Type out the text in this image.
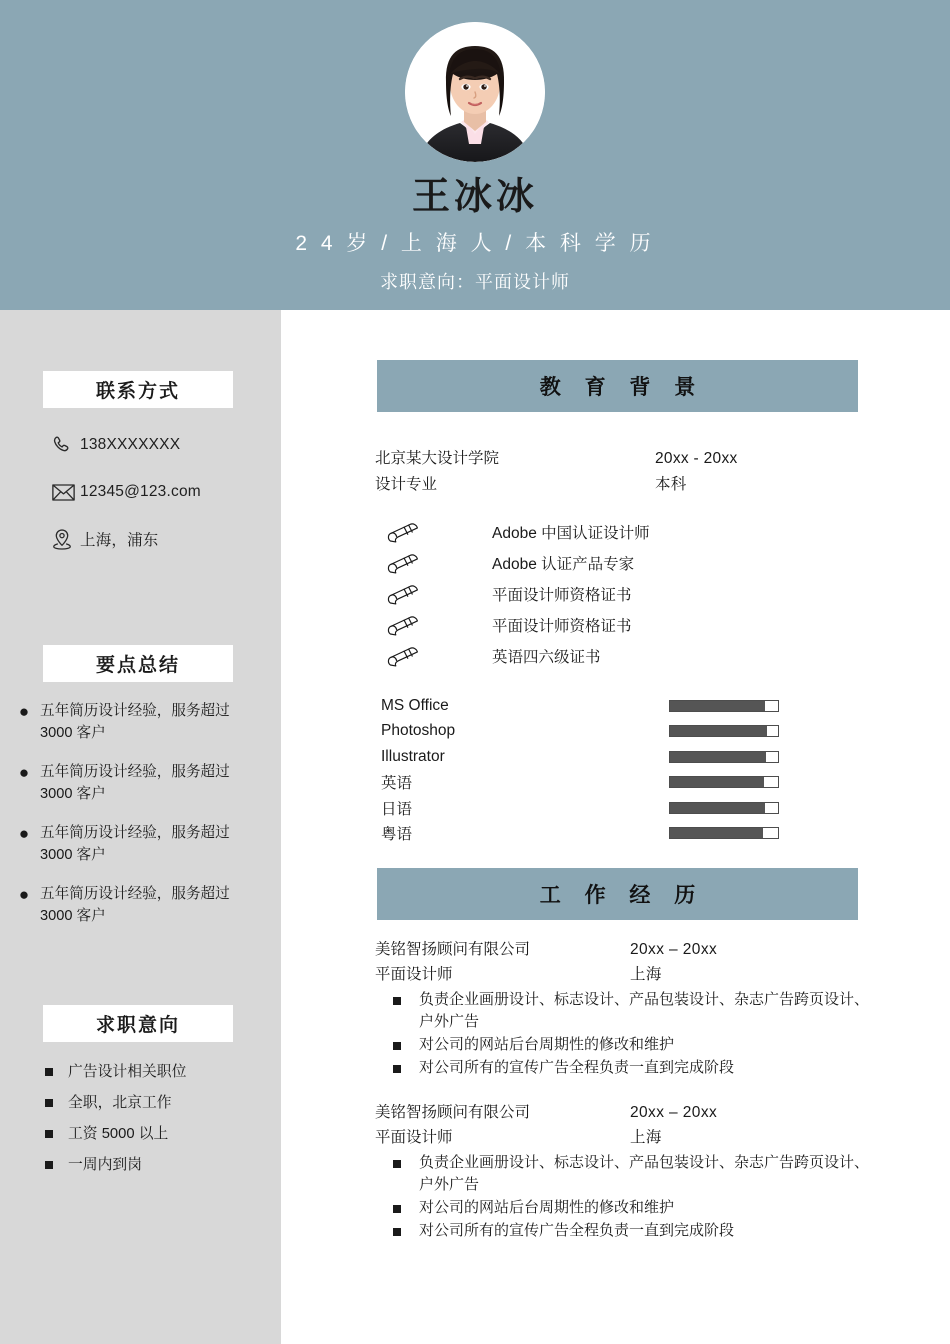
王冰冰
2 4 岁 / 上 海 人 / 本 科 学 历
求职意向：平面设计师
联系方式
138XXXXXXX
12345@123.com
上海，浦东
要点总结
● 五年简历设计经验，服务超过 3000 客户
● 五年简历设计经验，服务超过 3000 客户
● 五年简历设计经验，服务超过 3000 客户
● 五年简历设计经验，服务超过 3000 客户
求职意向
广告设计相关职位
全职，北京工作
工资 5000 以上
一周内到岗
教 育 背 景
北京某大设计学院	20xx - 20xx
设计专业	本科
Adobe 中国认证设计师
Adobe 认证产品专家
平面设计师资格证书
平面设计师资格证书
英语四六级证书
MS Office
Photoshop
Illustrator
英语
日语
粤语
工 作 经 历
美铭智扬顾问有限公司	20xx – 20xx
平面设计师	上海
负责企业画册设计、标志设计、产品包装设计、杂志广告跨页设计、户外广告
对公司的网站后台周期性的修改和维护
对公司所有的宣传广告全程负责一直到完成阶段
美铭智扬顾问有限公司	20xx – 20xx
平面设计师	上海
负责企业画册设计、标志设计、产品包装设计、杂志广告跨页设计、户外广告
对公司的网站后台周期性的修改和维护
对公司所有的宣传广告全程负责一直到完成阶段
